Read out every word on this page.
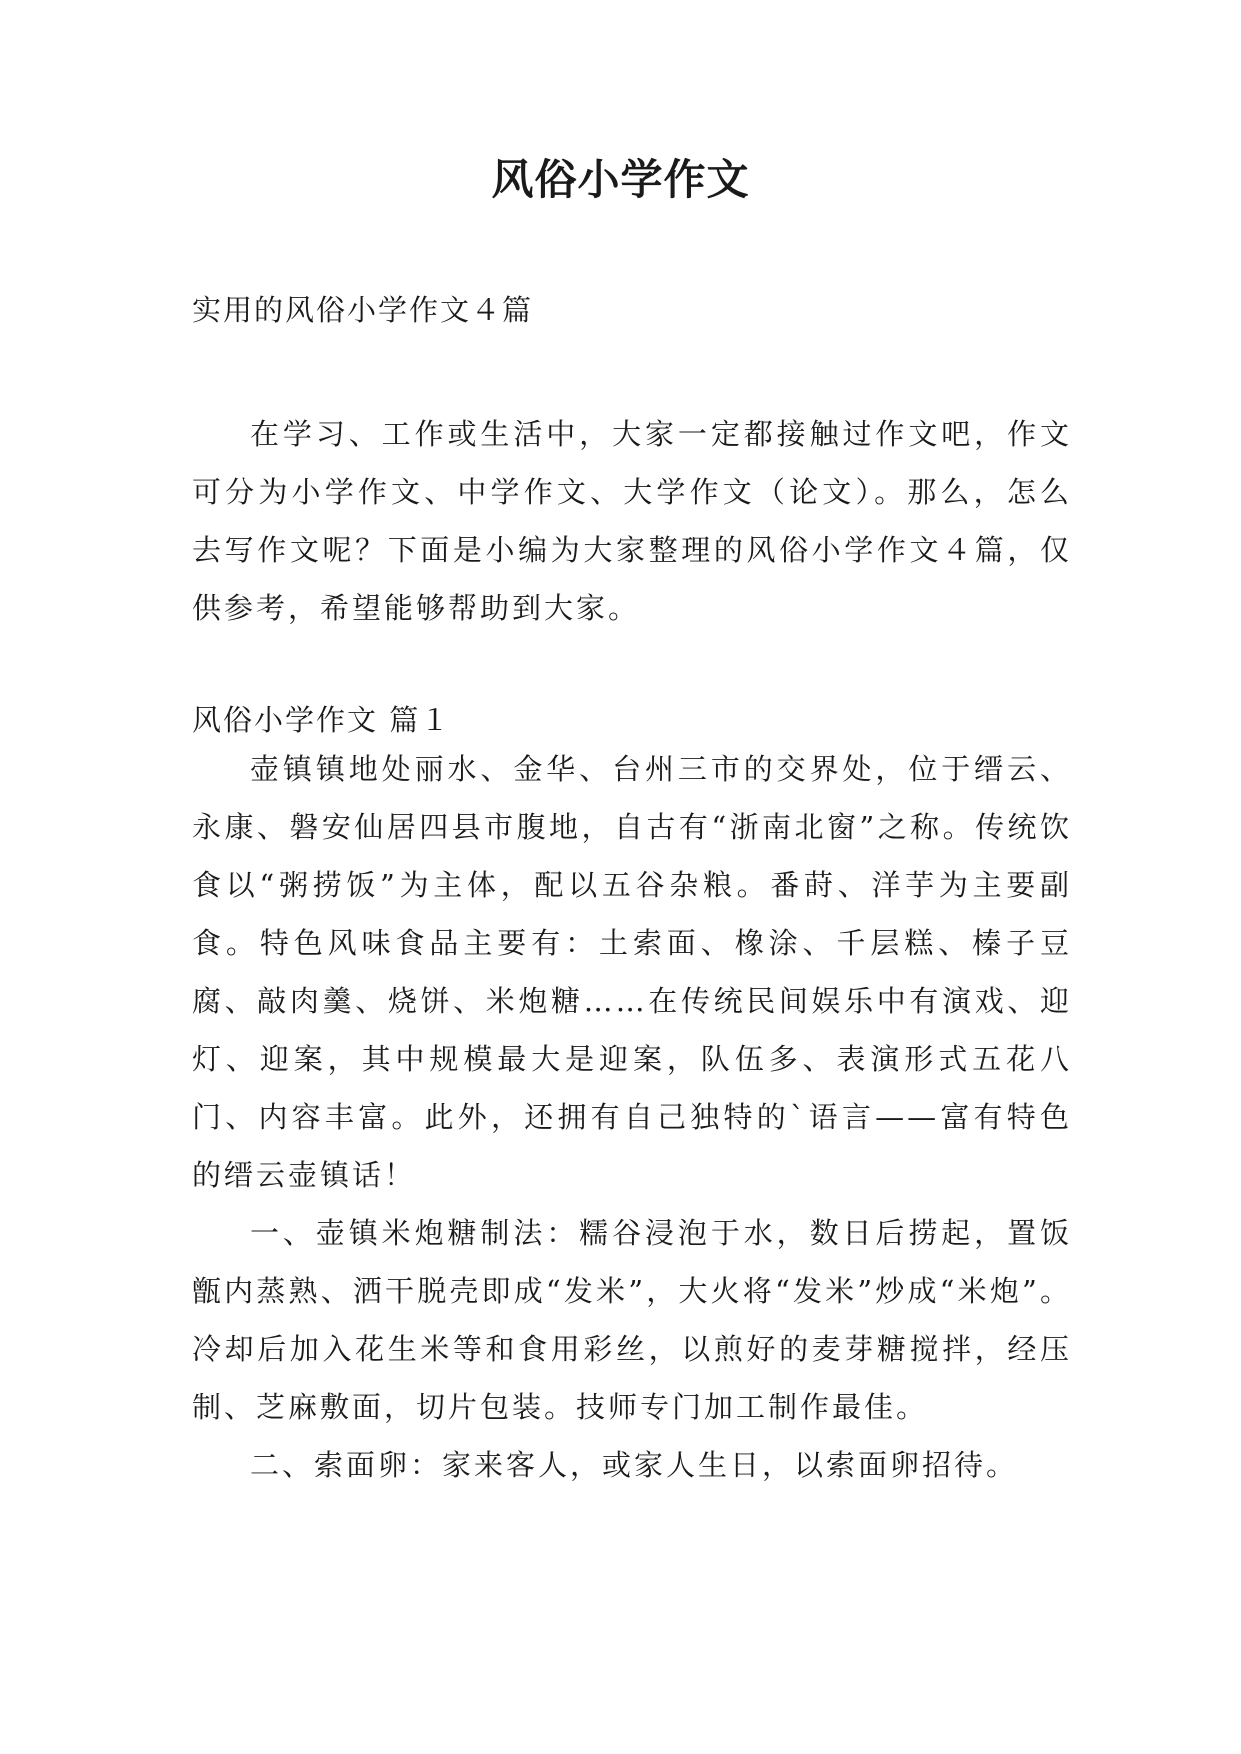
风俗小学作文
实用的风俗小学作文４篇

在学习、工作或生活中，大家一定都接触过作文吧，作文可分为小学作文、中学作文、大学作文（论文）。那么，怎么去写作文呢？下面是小编为大家整理的风俗小学作文４篇，仅供参考，希望能够帮助到大家。

风俗小学作文 篇１

壶镇镇地处丽水、金华、台州三市的交界处，位于缙云、永康、磐安仙居四县市腹地，自古有“浙南北窗”之称。传统饮食以“粥捞饭”为主体，配以五谷杂粮。番莳、洋芋为主要副食。特色风味食品主要有：土索面、橡涂、千层糕、榛子豆腐、敲肉羹、烧饼、米炮糖……在传统民间娱乐中有演戏、迎灯、迎案，其中规模最大是迎案，队伍多、表演形式五花八门、内容丰富。此外，还拥有自己独特的`语言——富有特色的缙云壶镇话！

一、壶镇米炮糖制法：糯谷浸泡于水，数日后捞起，置饭甑内蒸熟、洒干脱壳即成“发米”，大火将“发米”炒成“米炮”。冷却后加入花生米等和食用彩丝，以煎好的麦芽糖搅拌，经压制、芝麻敷面，切片包装。技师专门加工制作最佳。

二、索面卵：家来客人，或家人生日，以索面卵招待。
